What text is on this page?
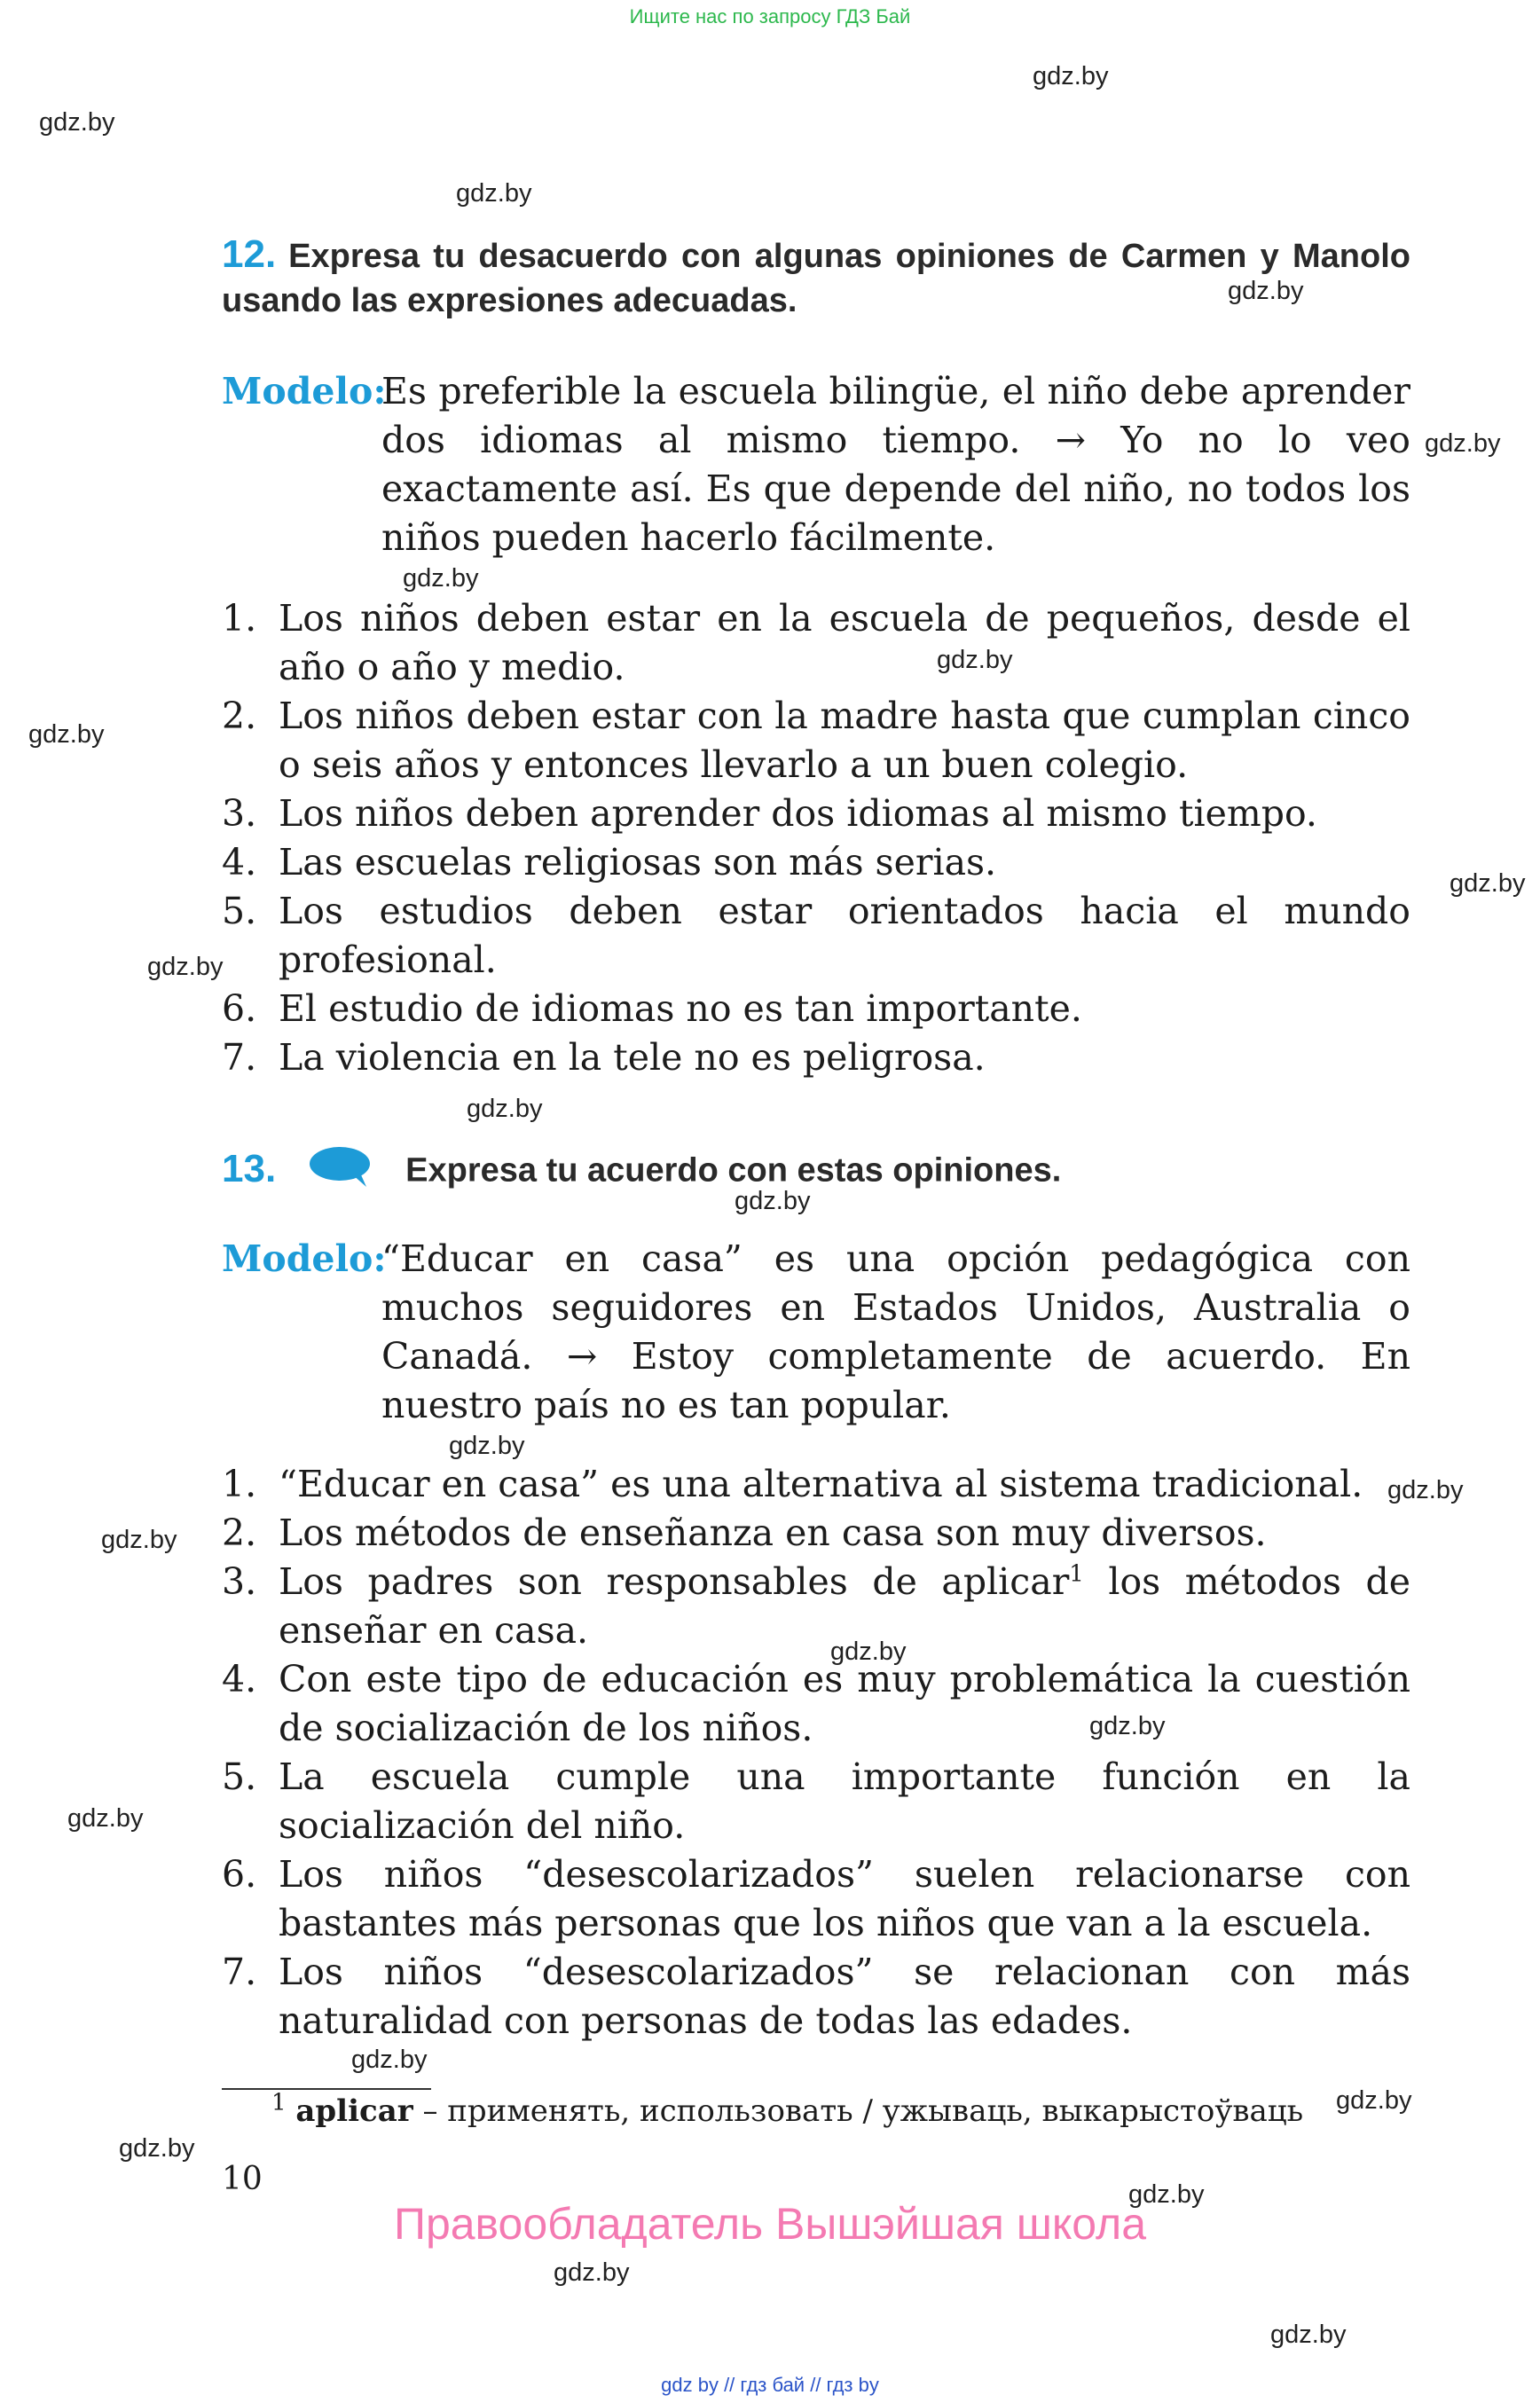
Ищите нас по запросу ГДЗ Бай
gdz.by
gdz.by
gdz.by
gdz.by
gdz.by
gdz.by
gdz.by
gdz.by
gdz.by
gdz.by
gdz.by
gdz.by
gdz.by
gdz.by
gdz.by
gdz.by
gdz.by
gdz.by
gdz.by
gdz.by
gdz.by
gdz.by
gdz.by
gdz.by
12. Expresa tu desacuerdo con algunas opiniones de Carmen y Manolo usando las expresiones adecuadas.
Modelo:
Es preferible la escuela bilingüe, el niño debe aprender dos idiomas al mismo tiempo. → Yo no lo veo exactamente así. Es que depende del niño, no todos los niños pueden hacerlo fácilmente.
1. Los niños deben estar en la escuela de pequeños, desde el año o año y medio.
2. Los niños deben estar con la madre hasta que cumplan cinco o seis años y entonces llevarlo a un buen colegio.
3. Los niños deben aprender dos idiomas al mismo tiempo.
4. Las escuelas religiosas son más serias.
5. Los estudios deben estar orientados hacia el mundo profesional.
6. El estudio de idiomas no es tan importante.
7. La violencia en la tele no es peligrosa.
13.	Expresa tu acuerdo con estas opiniones.
Modelo:
“Educar en casa” es una opción pedagógica con muchos seguidores en Estados Unidos, Australia o Canadá. → Estoy completamente de acuerdo. En nuestro país no es tan popular.
1. “Educar en casa” es una alternativa al sistema tradicional.
2. Los métodos de enseñanza en casa son muy diversos.
3. Los padres son responsables de aplicar$^1$ los métodos de enseñar en casa.
4. Con este tipo de educación es muy problemática la cuestión de socialización de los niños.
5. La escuela cumple una importante función en la socialización del niño.
6. Los niños “desescolarizados” suelen relacionarse con bastantes más personas que los niños que van a la escuela.
7. Los niños “desescolarizados” se relacionan con más naturalidad con personas de todas las edades.
$^1$ aplicar – применять, использовать / ужываць, выкарыстоўваць
10
Правообладатель Вышэйшая школа
gdz by // гдз бай // гдз by
